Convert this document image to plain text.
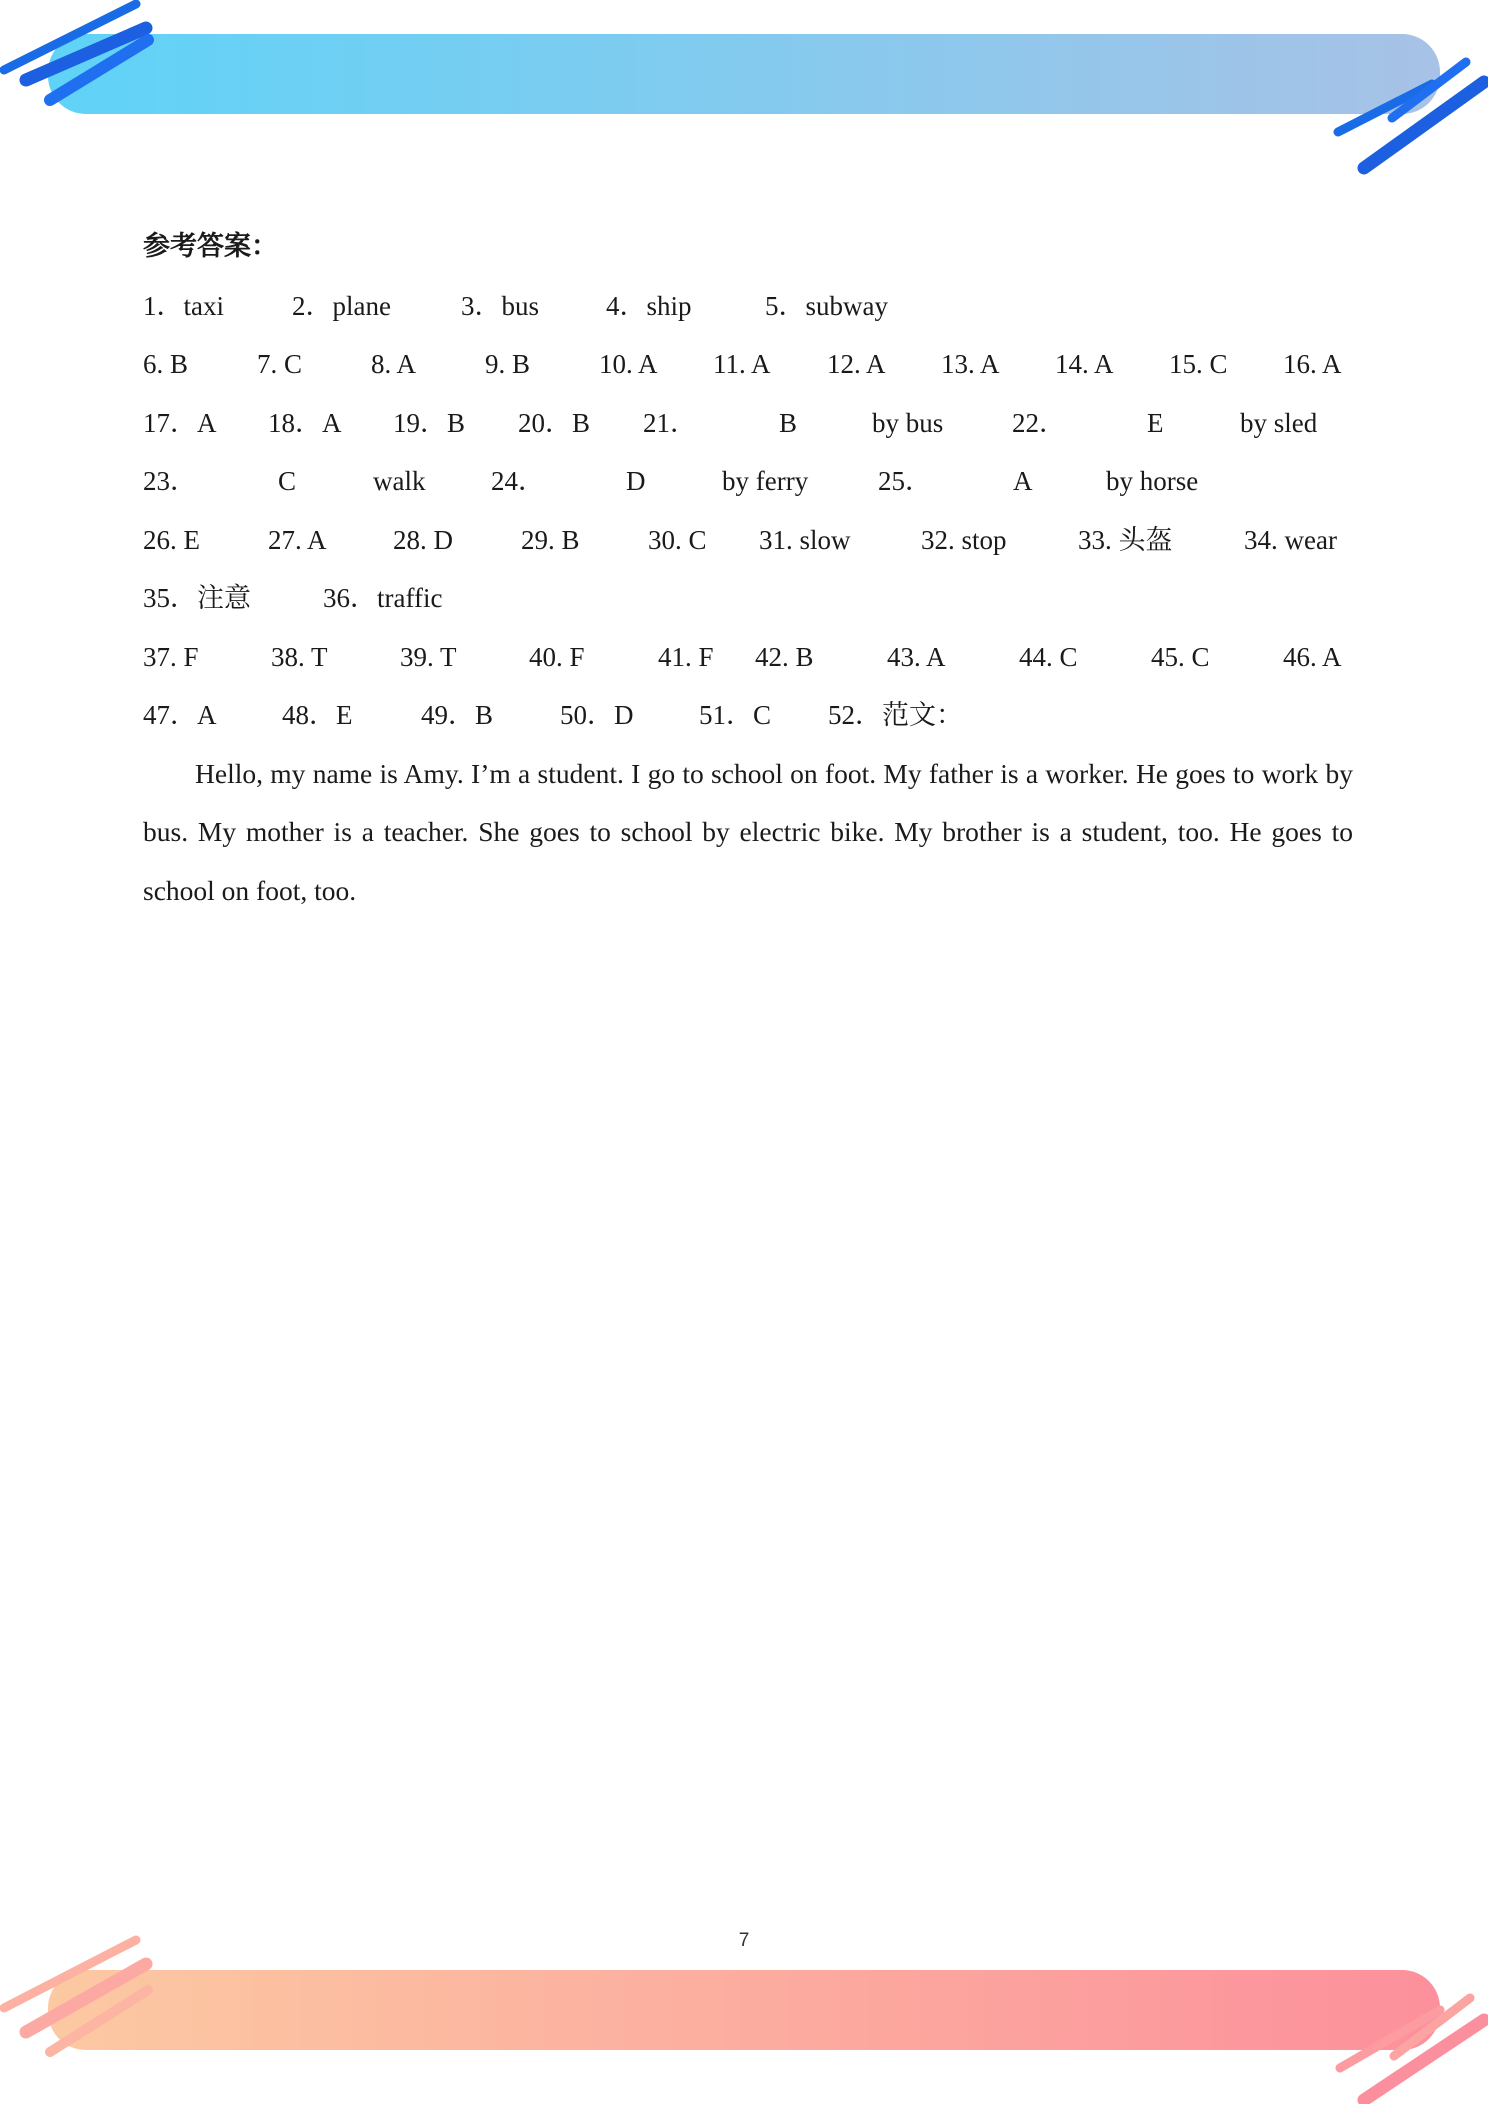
参考答案：
1．taxi	2．plane	3．bus 4．ship	5．subway
6. B	7. C	8. A	9. B	10. A 11. A 12. A 13. A 14. A 15. C 16. A
17．A 18．A 19．B 20．B 21．	B	by bus	22．	E	by sled
23．	C	walk 24．	D	by ferry	25．	A	by horse
26. E	27. A 28. D	29. B	30. C 31. slow	32. stop	33. 头盔	34. wear
35．注意	36．traffic
37. F	38. T	39. T	40. F	41. F 42. B	43. A	44. C	45. C	46. A
47．A 48．E	49．B 50．D 51．C 52．范文：
Hello, my name is Amy. I’m a student. I go to school on foot. My father is a worker. He goes to work by bus. My mother is a teacher. She goes to school by electric bike. My brother is a student, too. He goes to school on foot, too.
7
